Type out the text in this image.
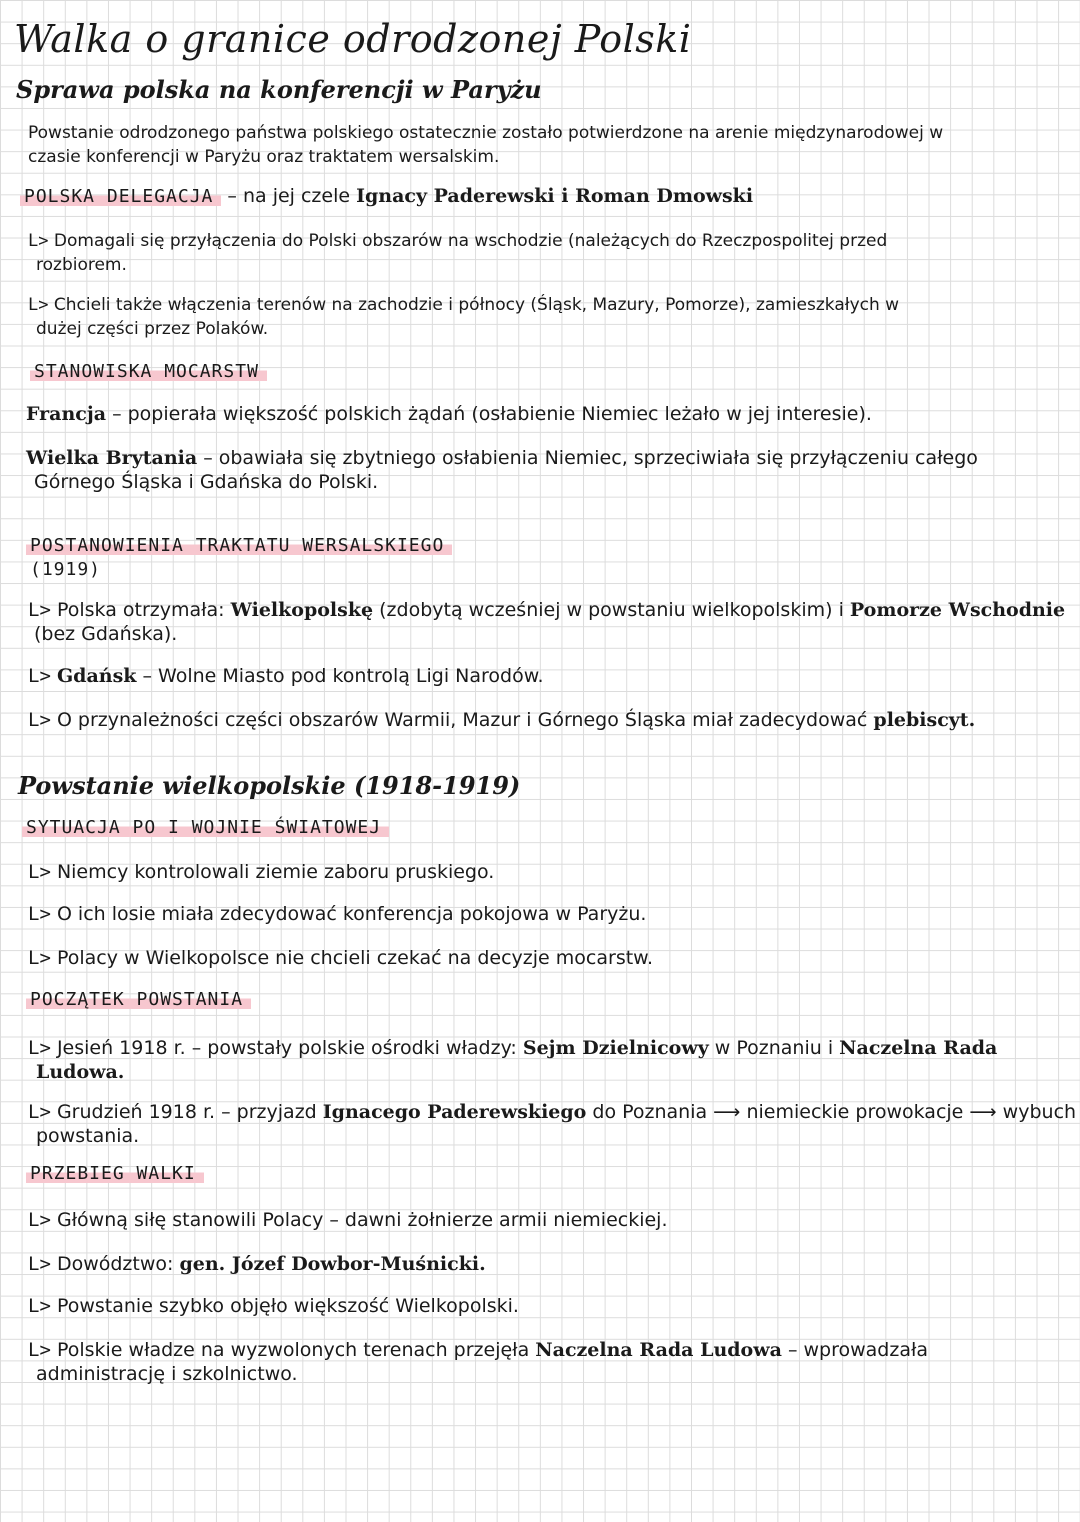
Walka o granice odrodzonej Polski
Sprawa polska na konferencji w Paryżu
Powstanie odrodzonego państwa polskiego ostatecznie zostało potwierdzone na arenie międzynarodowej w
czasie konferencji w Paryżu oraz traktatem wersalskim.
POLSKA DELEGACJA – na jej czele Ignacy Paderewski i Roman Dmowski
L> Domagali się przyłączenia do Polski obszarów na wschodzie (należących do Rzeczpospolitej przed
rozbiorem.
L> Chcieli także włączenia terenów na zachodzie i północy (Śląsk, Mazury, Pomorze), zamieszkałych w
dużej części przez Polaków.
STANOWISKA MOCARSTW
Francja – popierała większość polskich żądań (osłabienie Niemiec leżało w jej interesie).
Wielka Brytania – obawiała się zbytniego osłabienia Niemiec, sprzeciwiała się przyłączeniu całego
Górnego Śląska i Gdańska do Polski.
POSTANOWIENIA TRAKTATU WERSALSKIEGO
(1919)
L> Polska otrzymała: Wielkopolskę (zdobytą wcześniej w powstaniu wielkopolskim) i Pomorze Wschodnie
(bez Gdańska).
L> Gdańsk – Wolne Miasto pod kontrolą Ligi Narodów.
L> O przynależności części obszarów Warmii, Mazur i Górnego Śląska miał zadecydować plebiscyt.
Powstanie wielkopolskie (1918-1919)
SYTUACJA PO I WOJNIE ŚWIATOWEJ
L> Niemcy kontrolowali ziemie zaboru pruskiego.
L> O ich losie miała zdecydować konferencja pokojowa w Paryżu.
L> Polacy w Wielkopolsce nie chcieli czekać na decyzje mocarstw.
POCZĄTEK POWSTANIA
L> Jesień 1918 r. – powstały polskie ośrodki władzy: Sejm Dzielnicowy w Poznaniu i Naczelna Rada
Ludowa.
L> Grudzień 1918 r. – przyjazd Ignacego Paderewskiego do Poznania ⟶ niemieckie prowokacje ⟶ wybuch
powstania.
PRZEBIEG WALKI
L> Główną siłę stanowili Polacy – dawni żołnierze armii niemieckiej.
L> Dowództwo: gen. Józef Dowbor-Muśnicki.
L> Powstanie szybko objęło większość Wielkopolski.
L> Polskie władze na wyzwolonych terenach przejęła Naczelna Rada Ludowa – wprowadzała
administrację i szkolnictwo.
